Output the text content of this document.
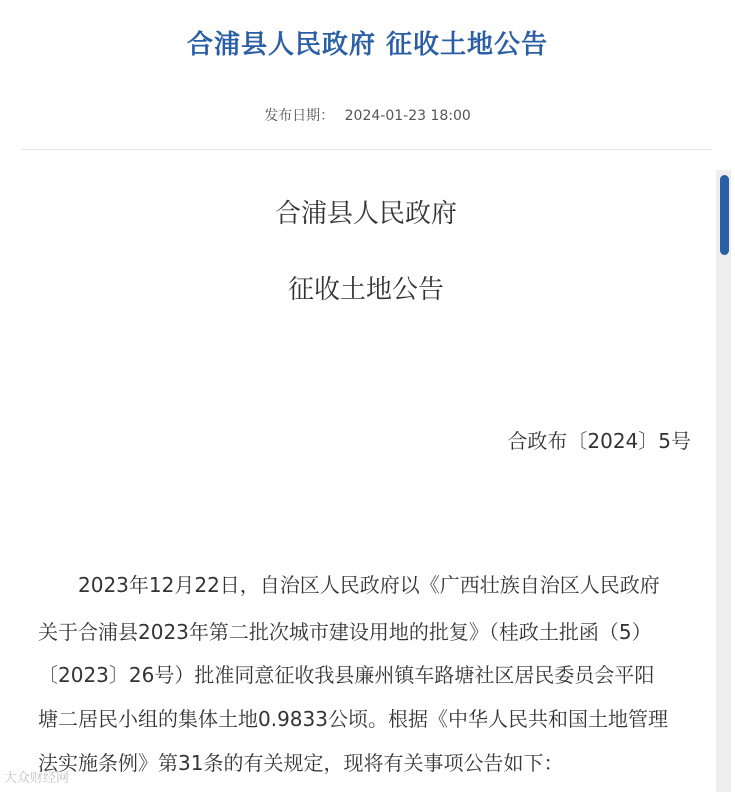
合浦县人民政府 征收土地公告
发布日期： 2024-01-23 18:00
合浦县人民政府
征收土地公告
合政布〔2024〕5号
　　2023年12月22日，自治区人民政府以《广西壮族自治区人民政府
关于合浦县2023年第二批次城市建设用地的批复》（桂政土批函（5）
〔2023〕26号）批准同意征收我县廉州镇车路塘社区居民委员会平阳
塘二居民小组的集体土地0.9833公顷。根据《中华人民共和国土地管理
法实施条例》第31条的有关规定，现将有关事项公告如下：
大众财经网
